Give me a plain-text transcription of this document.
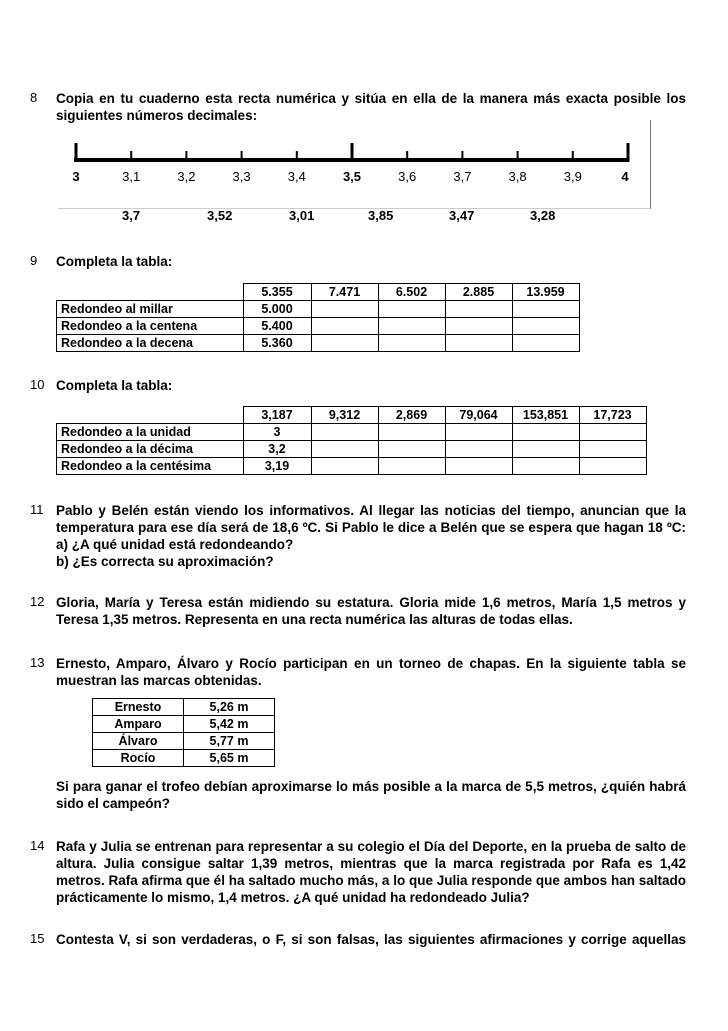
8 Copia en tu cuaderno esta recta numérica y sitúa en ella de la manera más exacta posible los

siguientes números decimales:

3	3,1	3,2	3,3	3,4	3,5	3,6	3,7	3,8	3,9	4
3,7	3,52	3,01	3,85	3,47	3,28
9 Completa la tabla:
	5.355	7.471	6.502	2.885	13.959
Redondeo al millar	5.000				
Redondeo a la centena	5.400				
Redondeo a la decena	5.360				
10 Completa la tabla:
	3,187	9,312	2,869	79,064	153,851	17,723
Redondeo a la unidad	3					
Redondeo a la décima	3,2					
Redondeo a la centésima	3,19					
11 Pablo y Belén están viendo los informativos. Al llegar las noticias del tiempo, anuncian que la

temperatura para ese día será de 18,6 ºC. Si Pablo le dice a Belén que se espera que hagan 18 ºC:

a) ¿A qué unidad está redondeando?

b) ¿Es correcta su aproximación?

12 Gloria, María y Teresa están midiendo su estatura. Gloria mide 1,6 metros, María 1,5 metros y

Teresa 1,35 metros. Representa en una recta numérica las alturas de todas ellas.

13 Ernesto, Amparo, Álvaro y Rocío participan en un torneo de chapas. En la siguiente tabla se

muestran las marcas obtenidas.

Ernesto	5,26 m
Amparo	5,42 m
Álvaro	5,77 m
Rocío	5,65 m

Si para ganar el trofeo debían aproximarse lo más posible a la marca de 5,5 metros, ¿quién habrá

sido el campeón?

14 Rafa y Julia se entrenan para representar a su colegio el Día del Deporte, en la prueba de salto de

altura. Julia consigue saltar 1,39 metros, mientras que la marca registrada por Rafa es 1,42

metros. Rafa afirma que él ha saltado mucho más, a lo que Julia responde que ambos han saltado

prácticamente lo mismo, 1,4 metros. ¿A qué unidad ha redondeado Julia?

15 Contesta V, si son verdaderas, o F, si son falsas, las siguientes afirmaciones y corrige aquellas
